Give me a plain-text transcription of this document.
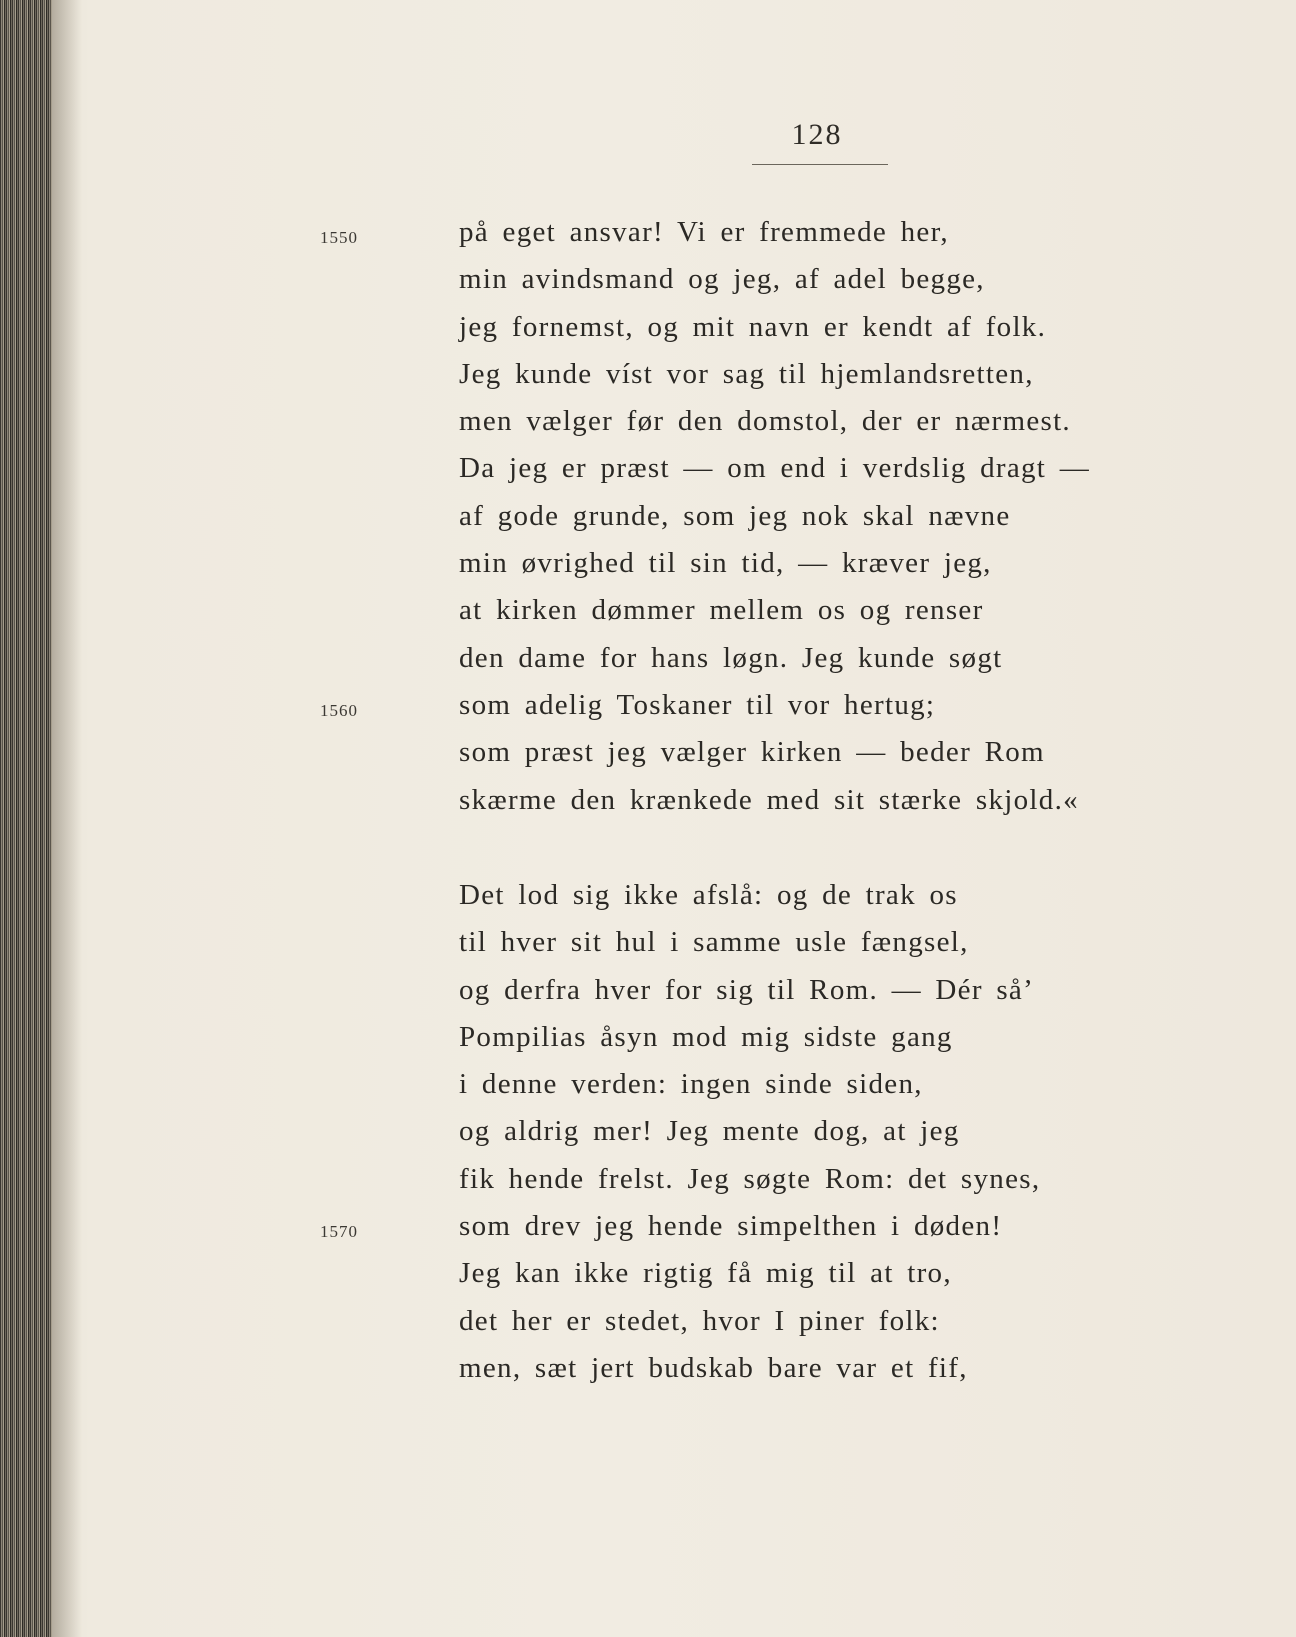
128
1550
1560
1570
på eget ansvar! Vi er fremmede her,
min avindsmand og jeg, af adel begge,
jeg fornemst, og mit navn er kendt af folk.
Jeg kunde víst vor sag til hjemlandsretten,
men vælger før den domstol, der er nærmest.
Da jeg er præst — om end i verdslig dragt —
af gode grunde, som jeg nok skal nævne
min øvrighed til sin tid, — kræver jeg,
at kirken dømmer mellem os og renser
den dame for hans løgn. Jeg kunde søgt
som adelig Toskaner til vor hertug;
som præst jeg vælger kirken — beder Rom
skærme den krænkede med sit stærke skjold.«
Det lod sig ikke afslå: og de trak os
til hver sit hul i samme usle fængsel,
og derfra hver for sig til Rom. — Dér så’
Pompilias åsyn mod mig sidste gang
i denne verden: ingen sinde siden,
og aldrig mer! Jeg mente dog, at jeg
fik hende frelst. Jeg søgte Rom: det synes,
som drev jeg hende simpelthen i døden!
Jeg kan ikke rigtig få mig til at tro,
det her er stedet, hvor I piner folk:
men, sæt jert budskab bare var et fif,
